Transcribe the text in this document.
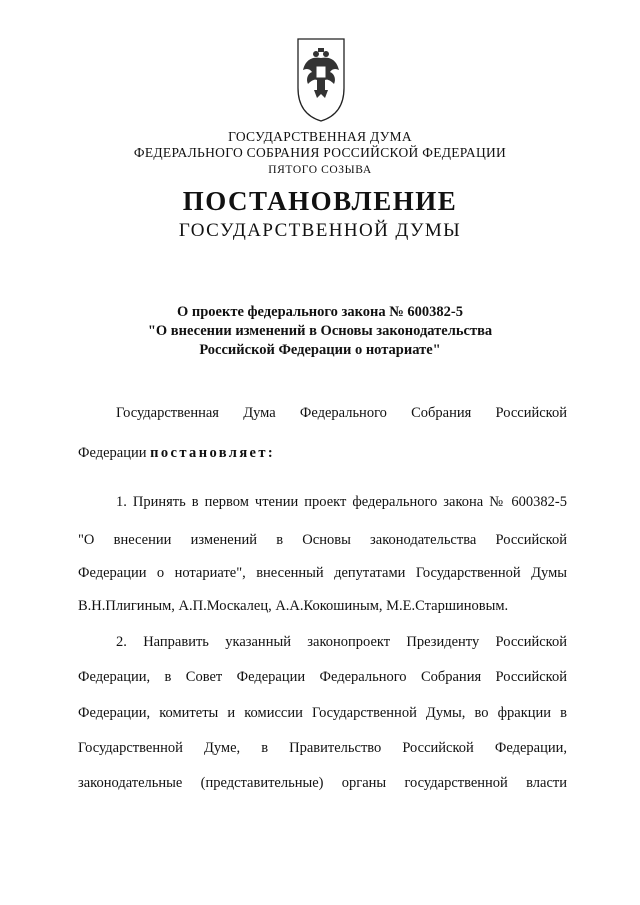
ГОСУДАРСТВЕННАЯ ДУМА
ФЕДЕРАЛЬНОГО СОБРАНИЯ РОССИЙСКОЙ ФЕДЕРАЦИИ
ПЯТОГО СОЗЫВА
ПОСТАНОВЛЕНИЕ
ГОСУДАРСТВЕННОЙ ДУМЫ
О проекте федерального закона № 600382-5
"О внесении изменений в Основы законодательства
Российской Федерации о нотариате"
Государственная Дума Федерального Собрания Российской
Федерации постановляет:
1. Принять в первом чтении проект федерального закона № 600382-5
"О внесении изменений в Основы законодательства Российской
Федерации о нотариате", внесенный депутатами Государственной Думы
В.Н.Плигиным, А.П.Москалец, А.А.Кокошиным, М.Е.Старшиновым.
2. Направить указанный законопроект Президенту Российской
Федерации, в Совет Федерации Федерального Собрания Российской
Федерации, комитеты и комиссии Государственной Думы, во фракции в
Государственной Думе, в Правительство Российской Федерации,
законодательные (представительные) органы государственной власти
